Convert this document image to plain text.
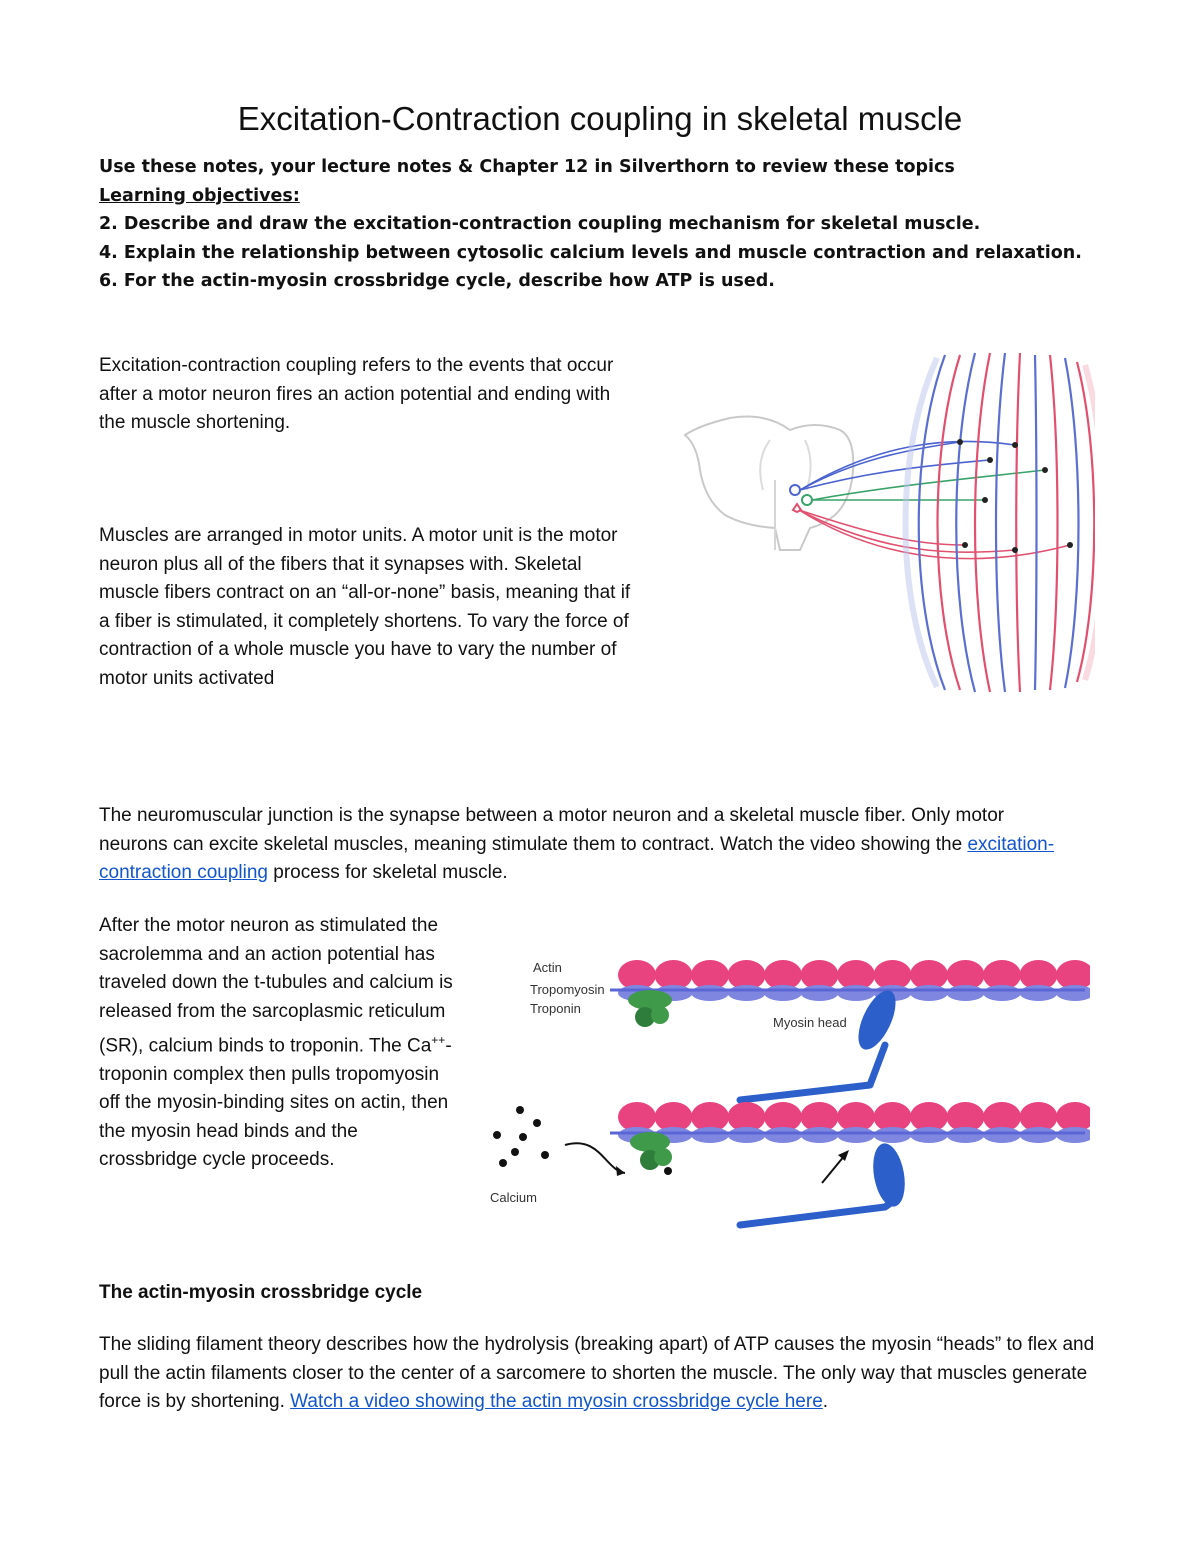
Excitation-Contraction coupling in skeletal muscle
Use these notes, your lecture notes & Chapter 12 in Silverthorn to review these topics
Learning objectives:
2. Describe and draw the excitation-contraction coupling mechanism for skeletal muscle.
4. Explain the relationship between cytosolic calcium levels and muscle contraction and relaxation.
6. For the actin-myosin crossbridge cycle, describe how ATP is used.
Excitation-contraction coupling refers to the events that occur after a motor neuron fires an action potential and ending with the muscle shortening.
Muscles are arranged in motor units. A motor unit is the motor neuron plus all of the fibers that it synapses with. Skeletal muscle fibers contract on an “all-or-none” basis, meaning that if a fiber is stimulated, it completely shortens. To vary the force of contraction of a whole muscle you have to vary the number of motor units activated
The neuromuscular junction is the synapse between a motor neuron and a skeletal muscle fiber. Only motor neurons can excite skeletal muscles, meaning stimulate them to contract. Watch the video showing the excitation-contraction coupling process for skeletal muscle.
After the motor neuron as stimulated the sacrolemma and an action potential has traveled down the t-tubules and calcium is released from the sarcoplasmic reticulum (SR), calcium binds to troponin. The Ca++-troponin complex then pulls tropomyosin off the myosin-binding sites on actin, then the myosin head binds and the crossbridge cycle proceeds.
Actin
Tropomyosin
Troponin
Myosin head
Calcium
The actin-myosin crossbridge cycle
The sliding filament theory describes how the hydrolysis (breaking apart) of ATP causes the myosin “heads” to flex and pull the actin filaments closer to the center of a sarcomere to shorten the muscle. The only way that muscles generate force is by shortening. Watch a video showing the actin myosin crossbridge cycle here.
